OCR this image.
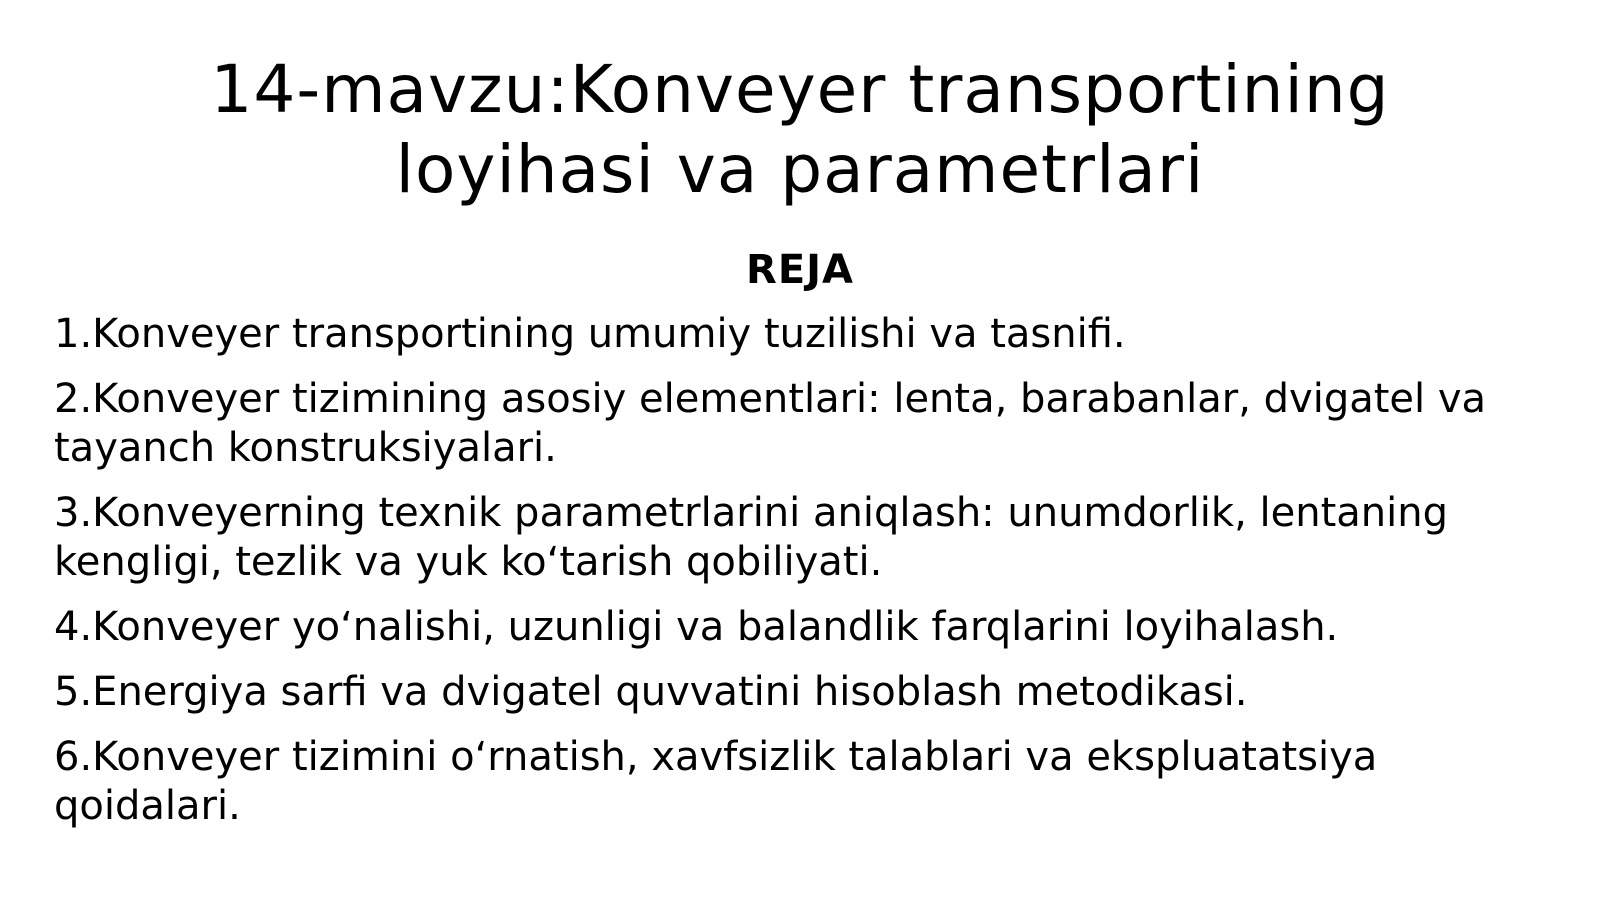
14-mavzu:Konveyer transportining
loyihasi va parametrlari
REJA
1.Konveyer transportining umumiy tuzilishi va tasnifi.
2.Konveyer tizimining asosiy elementlari: lenta, barabanlar, dvigatel va tayanch konstruksiyalari.
3.Konveyerning texnik parametrlarini aniqlash: unumdorlik, lentaning kengligi, tezlik va yuk ko‘tarish qobiliyati.
4.Konveyer yo‘nalishi, uzunligi va balandlik farqlarini loyihalash.
5.Energiya sarfi va dvigatel quvvatini hisoblash metodikasi.
6.Konveyer tizimini o‘rnatish, xavfsizlik talablari va ekspluatatsiya qoidalari.
